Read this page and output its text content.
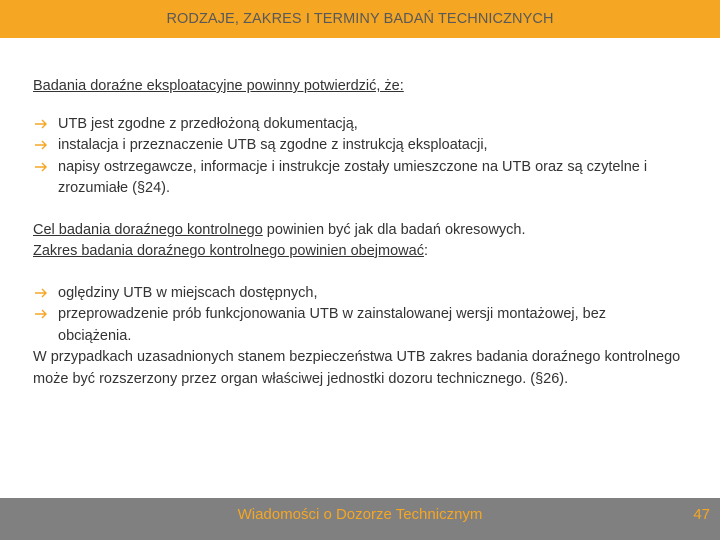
RODZAJE, ZAKRES I TERMINY BADAŃ TECHNICZNYCH

Badania doraźne eksploatacyjne powinny potwierdzić, że:

UTB jest zgodne z przedłożoną dokumentacją,
instalacja i przeznaczenie UTB są zgodne z instrukcją eksploatacji,
napisy ostrzegawcze, informacje i instrukcje zostały umieszczone na UTB oraz są czytelne i zrozumiałe (§24).

Cel badania doraźnego kontrolnego powinien być jak dla badań okresowych.

Zakres badania doraźnego kontrolnego powinien obejmować:

oględziny UTB w miejscach dostępnych,
przeprowadzenie prób funkcjonowania UTB w zainstalowanej wersji montażowej, bez obciążenia.

W przypadkach uzasadnionych stanem bezpieczeństwa UTB zakres badania doraźnego kontrolnego może być rozszerzony przez organ właściwej jednostki dozoru technicznego. (§26).

Wiadomości o Dozorze Technicznym	47
